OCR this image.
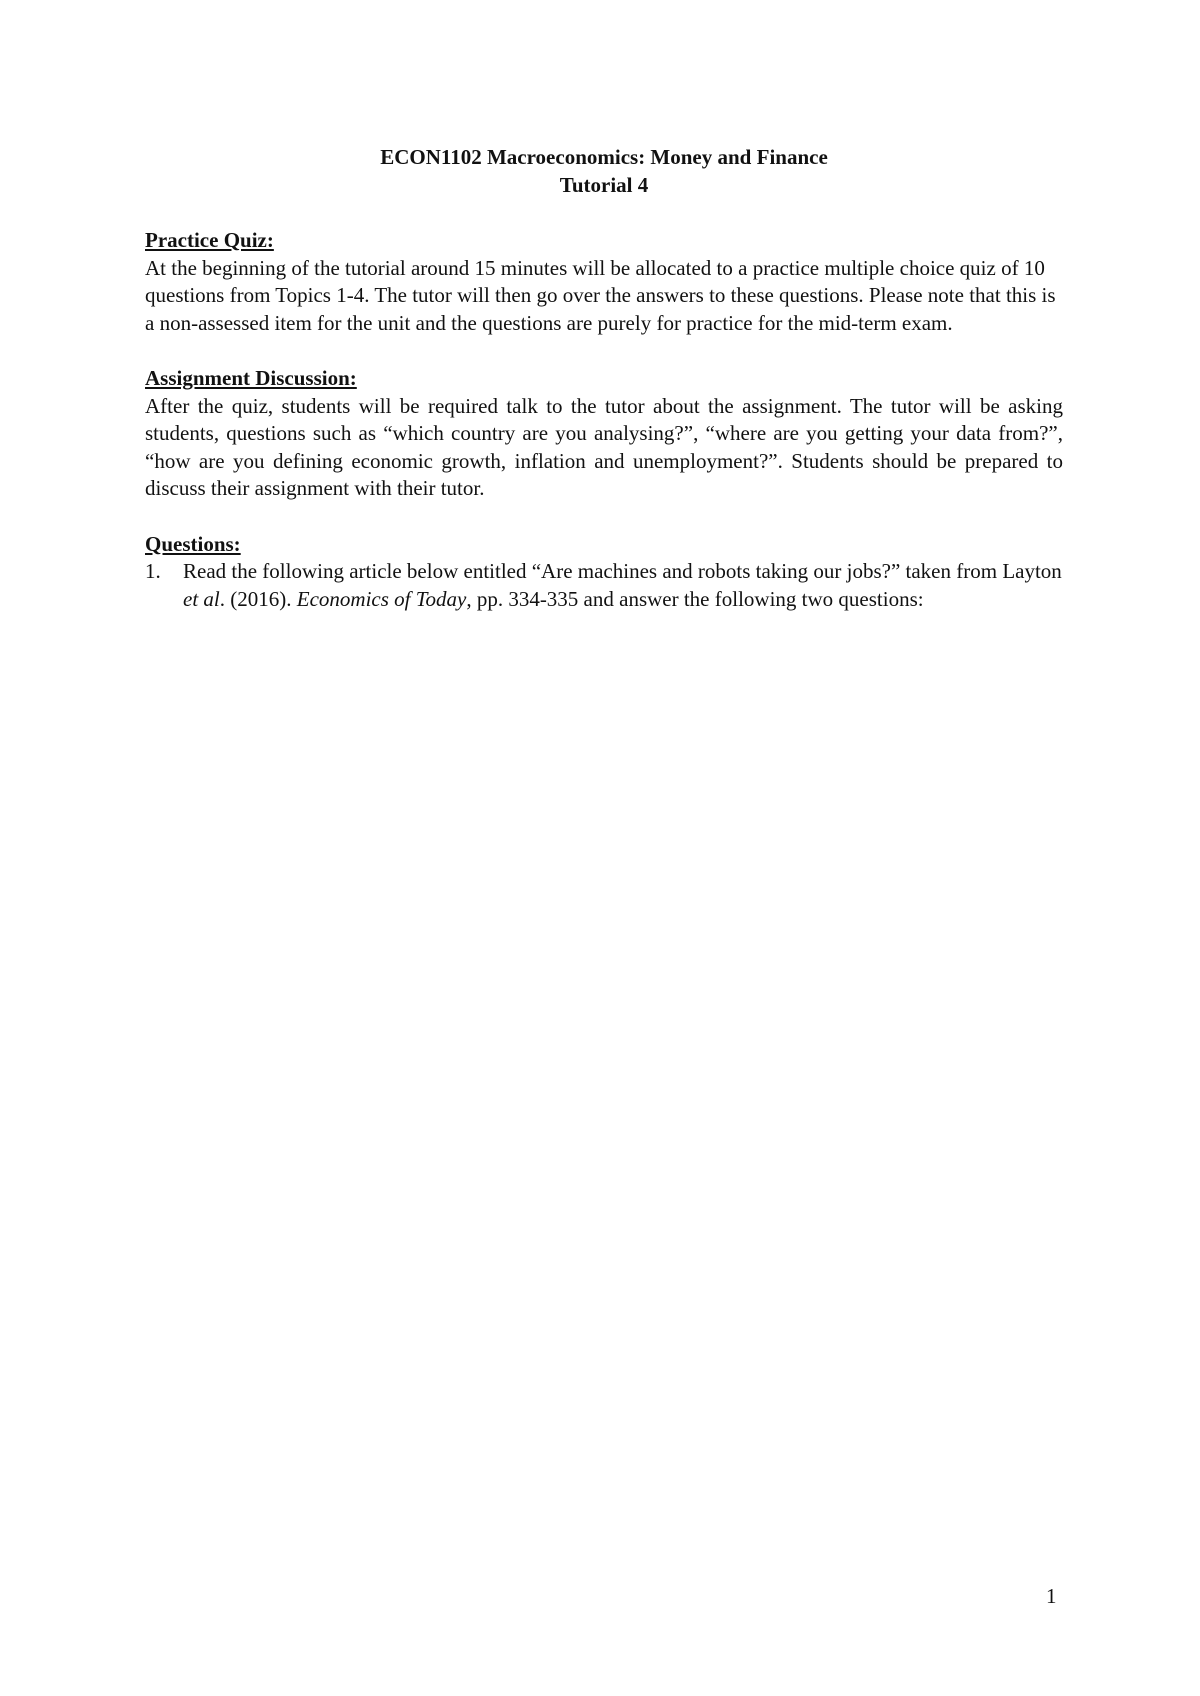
ECON1102 Macroeconomics: Money and Finance
Tutorial 4

Practice Quiz:

At the beginning of the tutorial around 15 minutes will be allocated to a practice multiple choice quiz of 10 questions from Topics 1-4. The tutor will then go over the answers to these questions. Please note that this is a non-assessed item for the unit and the questions are purely for practice for the mid-term exam.

Assignment Discussion:

After the quiz, students will be required talk to the tutor about the assignment. The tutor will be asking students, questions such as “which country are you analysing?”, “where are you getting your data from?”, “how are you defining economic growth, inflation and unemployment?”. Students should be prepared to discuss their assignment with their tutor.

Questions:

1. Read the following article below entitled “Are machines and robots taking our jobs?” taken from Layton et al. (2016). Economics of Today, pp. 334-335 and answer the following two questions:
1
